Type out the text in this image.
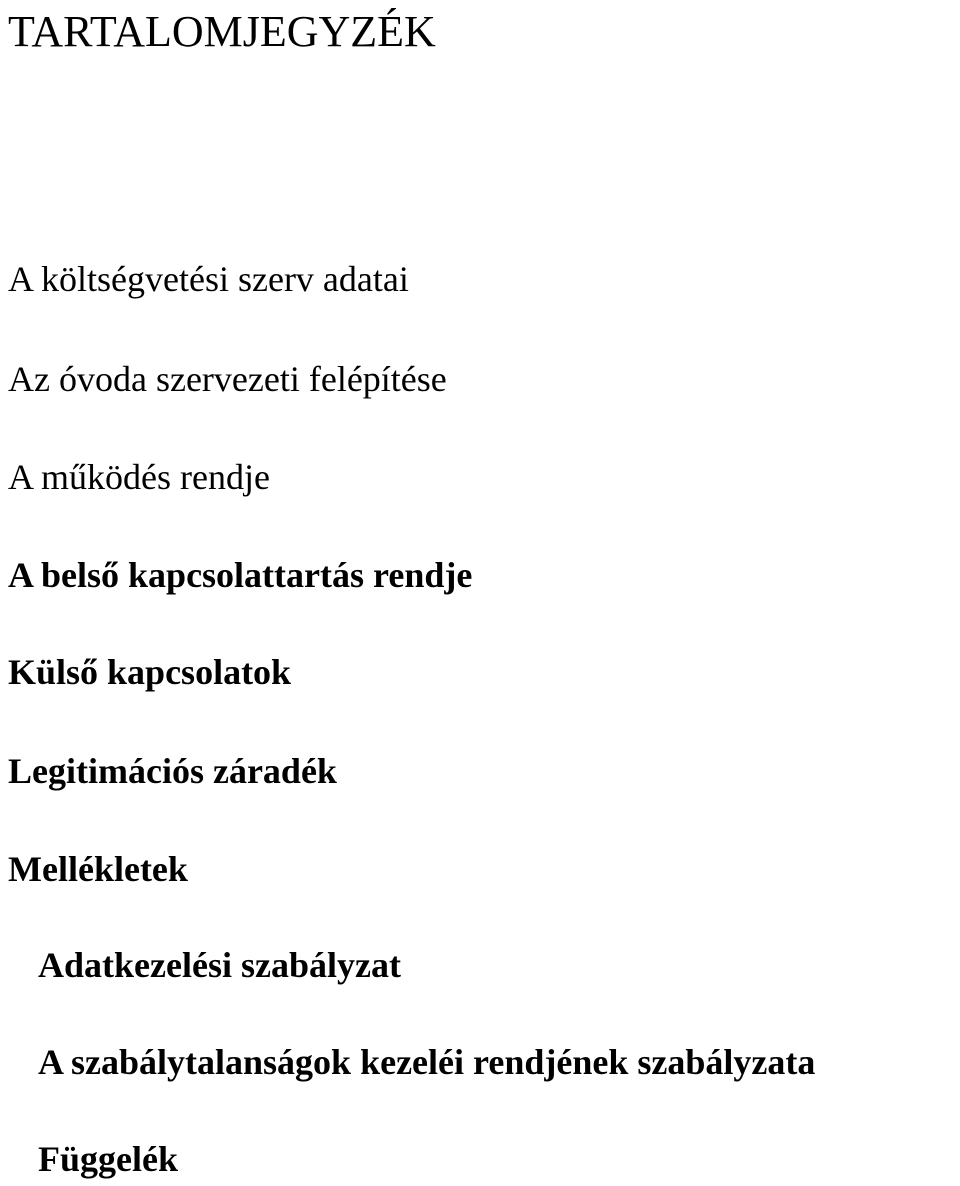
TARTALOMJEGYZÉK
A költségvetési szerv adatai
Az óvoda szervezeti felépítése
A működés rendje
A belső kapcsolattartás rendje
Külső kapcsolatok
Legitimációs záradék
Mellékletek
Adatkezelési szabályzat
A szabálytalanságok kezeléi rendjének szabályzata
Függelék
